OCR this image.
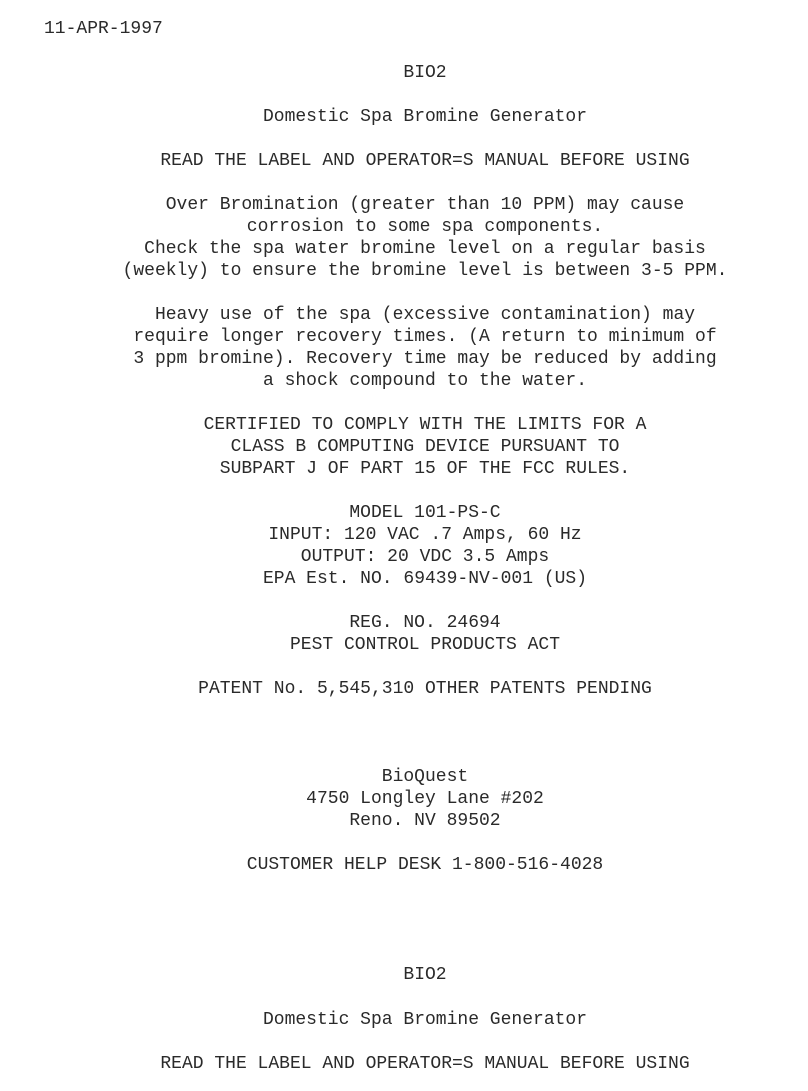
11-APR-1997
BIO2
Domestic Spa Bromine Generator
READ THE LABEL AND OPERATOR=S MANUAL BEFORE USING
Over Bromination (greater than 10 PPM) may cause
corrosion to some spa components.
Check the spa water bromine level on a regular basis
(weekly) to ensure the bromine level is between 3-5 PPM.
Heavy use of the spa (excessive contamination) may
require longer recovery times. (A return to minimum of
3 ppm bromine). Recovery time may be reduced by adding
a shock compound to the water.
CERTIFIED TO COMPLY WITH THE LIMITS FOR A
CLASS B COMPUTING DEVICE PURSUANT TO
SUBPART J OF PART 15 OF THE FCC RULES.
MODEL 101-PS-C
INPUT: 120 VAC .7 Amps, 60 Hz
OUTPUT: 20 VDC 3.5 Amps
EPA Est. NO. 69439-NV-001 (US)
REG. NO. 24694
PEST CONTROL PRODUCTS ACT
PATENT No. 5,545,310 OTHER PATENTS PENDING
BioQuest
4750 Longley Lane #202
Reno. NV 89502
CUSTOMER HELP DESK 1-800-516-4028
BIO2
Domestic Spa Bromine Generator
READ THE LABEL AND OPERATOR=S MANUAL BEFORE USING
